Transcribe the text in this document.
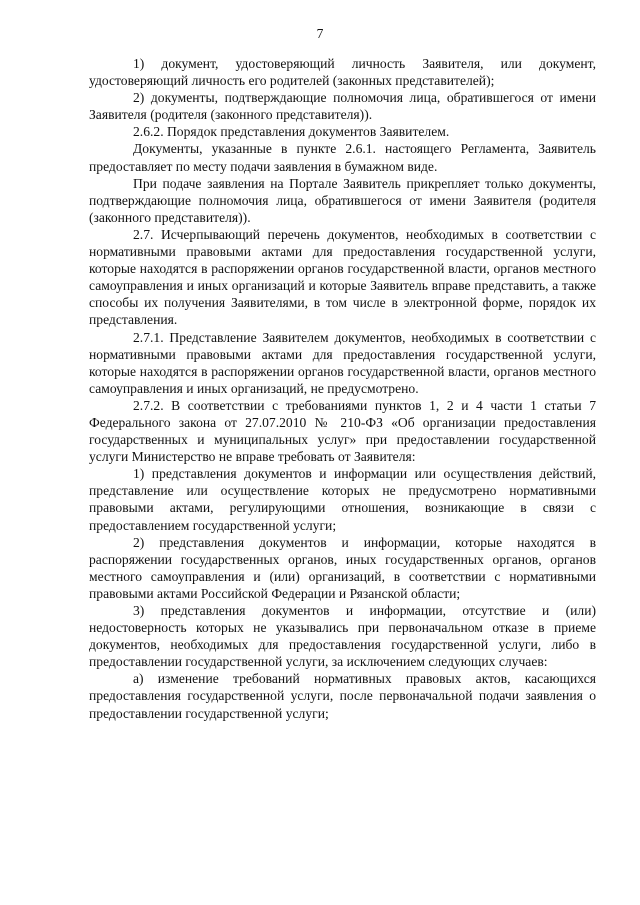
7

1) документ, удостоверяющий личность Заявителя, или документ, удостоверяющий личность его родителей (законных представителей);

2) документы, подтверждающие полномочия лица, обратившегося от имени Заявителя (родителя (законного представителя)).

2.6.2. Порядок представления документов Заявителем.

Документы, указанные в пункте 2.6.1. настоящего Регламента, Заявитель предоставляет по месту подачи заявления в бумажном виде.

При подаче заявления на Портале Заявитель прикрепляет только документы, подтверждающие полномочия лица, обратившегося от имени Заявителя (родителя (законного представителя)).

2.7. Исчерпывающий перечень документов, необходимых в соответствии с нормативными правовыми актами для предоставления государственной услуги, которые находятся в распоряжении органов государственной власти, органов местного самоуправления и иных организаций и которые Заявитель вправе представить, а также способы их получения Заявителями, в том числе в электронной форме, порядок их представления.

2.7.1. Представление Заявителем документов, необходимых в соответствии с нормативными правовыми актами для предоставления государственной услуги, которые находятся в распоряжении органов государственной власти, органов местного самоуправления и иных организаций, не предусмотрено.

2.7.2. В соответствии с требованиями пунктов 1, 2 и 4 части 1 статьи 7 Федерального закона от 27.07.2010 № 210-ФЗ «Об организации предоставления государственных и муниципальных услуг» при предоставлении государственной услуги Министерство не вправе требовать от Заявителя:

1) представления документов и информации или осуществления действий, представление или осуществление которых не предусмотрено нормативными правовыми актами, регулирующими отношения, возникающие в связи с предоставлением государственной услуги;

2) представления документов и информации, которые находятся в распоряжении государственных органов, иных государственных органов, органов местного самоуправления и (или) организаций, в соответствии с нормативными правовыми актами Российской Федерации и Рязанской области;

3) представления документов и информации, отсутствие и (или) недостоверность которых не указывались при первоначальном отказе в приеме документов, необходимых для предоставления государственной услуги, либо в предоставлении государственной услуги, за исключением следующих случаев:

а) изменение требований нормативных правовых актов, касающихся предоставления государственной услуги, после первоначальной подачи заявления о предоставлении государственной услуги;
